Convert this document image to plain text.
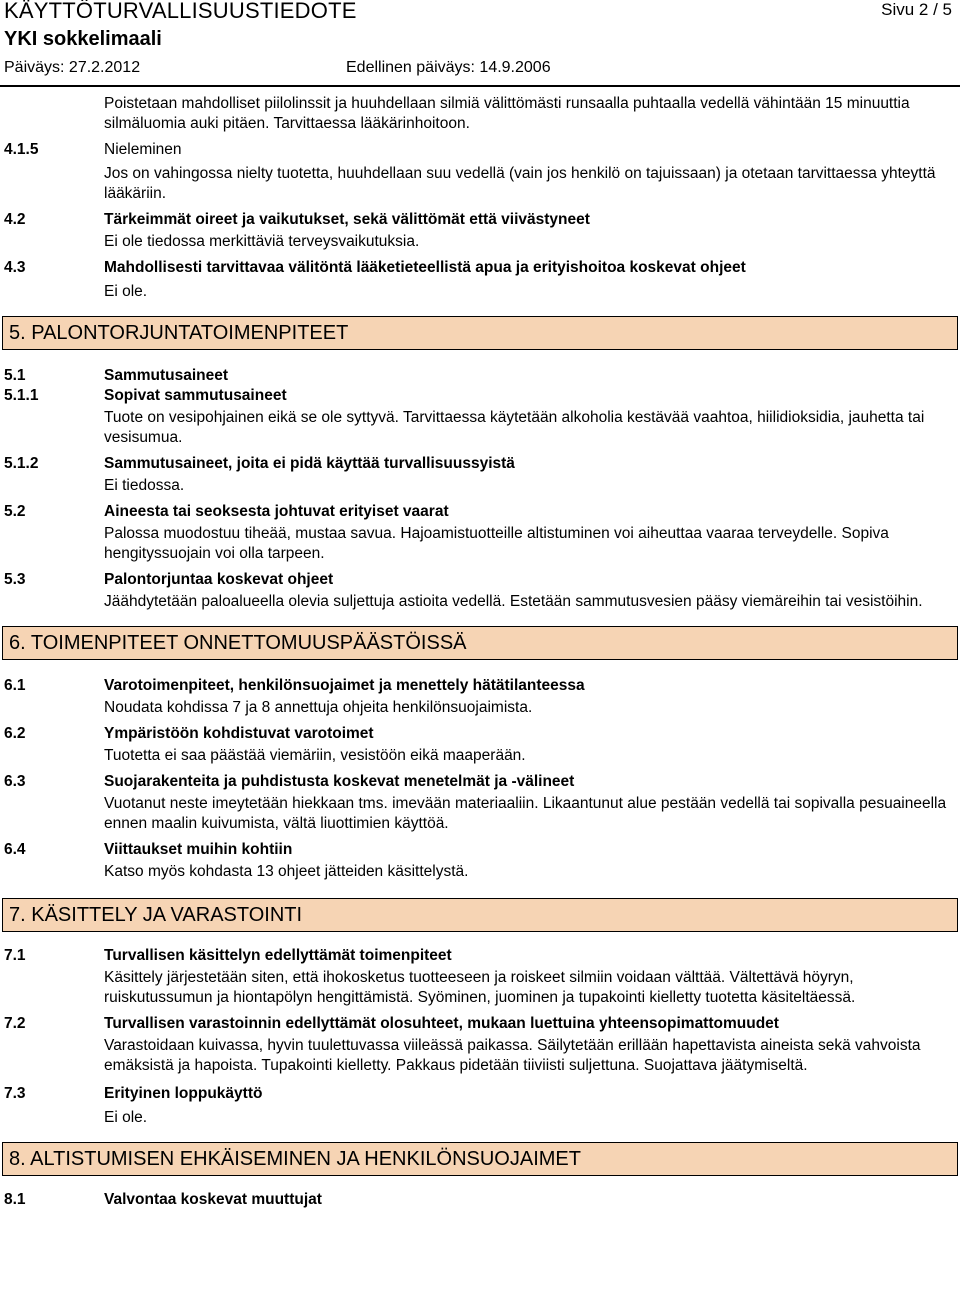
KÄYTTÖTURVALLISUUSTIEDOTE	Sivu 2 / 5
YKI sokkelimaali
Päiväys: 27.2.2012	Edellinen päiväys: 14.9.2006
Poistetaan mahdolliset piilolinssit ja huuhdellaan silmiä välittömästi runsaalla puhtaalla vedellä vähintään 15 minuuttia silmäluomia auki pitäen. Tarvittaessa lääkärinhoitoon.
4.1.5	Nieleminen
Jos on vahingossa nielty tuotetta, huuhdellaan suu vedellä (vain jos henkilö on tajuissaan) ja otetaan tarvittaessa yhteyttä lääkäriin.
4.2	Tärkeimmät oireet ja vaikutukset, sekä välittömät että viivästyneet
Ei ole tiedossa merkittäviä terveysvaikutuksia.
4.3	Mahdollisesti tarvittavaa välitöntä lääketieteellistä apua ja erityishoitoa koskevat ohjeet
Ei ole.
5. PALONTORJUNTATOIMENPITEET
5.1	Sammutusaineet
5.1.1	Sopivat sammutusaineet
Tuote on vesipohjainen eikä se ole syttyvä. Tarvittaessa käytetään alkoholia kestävää vaahtoa, hiilidioksidia, jauhetta tai vesisumua.
5.1.2	Sammutusaineet, joita ei pidä käyttää turvallisuussyistä
Ei tiedossa.
5.2	Aineesta tai seoksesta johtuvat erityiset vaarat
Palossa muodostuu tiheää, mustaa savua. Hajoamistuotteille altistuminen voi aiheuttaa vaaraa terveydelle. Sopiva hengityssuojain voi olla tarpeen.
5.3	Palontorjuntaa koskevat ohjeet
Jäähdytetään paloalueella olevia suljettuja astioita vedellä. Estetään sammutusvesien pääsy viemäreihin tai vesistöihin.
6. TOIMENPITEET ONNETTOMUUSPÄÄSTÖISSÄ
6.1	Varotoimenpiteet, henkilönsuojaimet ja menettely hätätilanteessa
Noudata kohdissa 7 ja 8 annettuja ohjeita henkilönsuojaimista.
6.2	Ympäristöön kohdistuvat varotoimet
Tuotetta ei saa päästää viemäriin, vesistöön eikä maaperään.
6.3	Suojarakenteita ja puhdistusta koskevat menetelmät ja -välineet
Vuotanut neste imeytetään hiekkaan tms. imevään materiaaliin. Likaantunut alue pestään vedellä tai sopivalla pesuaineella ennen maalin kuivumista, vältä liuottimien käyttöä.
6.4	Viittaukset muihin kohtiin
Katso myös kohdasta 13 ohjeet jätteiden käsittelystä.
7. KÄSITTELY JA VARASTOINTI
7.1	Turvallisen käsittelyn edellyttämät toimenpiteet
Käsittely järjestetään siten, että ihokosketus tuotteeseen ja roiskeet silmiin voidaan välttää. Vältettävä höyryn, ruiskutussumun ja hiontapölyn hengittämistä. Syöminen, juominen ja tupakointi kielletty tuotetta käsiteltäessä.
7.2	Turvallisen varastoinnin edellyttämät olosuhteet, mukaan luettuina yhteensopimattomuudet
Varastoidaan kuivassa, hyvin tuulettuvassa viileässä paikassa. Säilytetään erillään hapettavista aineista sekä vahvoista emäksistä ja hapoista. Tupakointi kielletty. Pakkaus pidetään tiiviisti suljettuna. Suojattava jäätymiseltä.
7.3	Erityinen loppukäyttö
Ei ole.
8. ALTISTUMISEN EHKÄISEMINEN JA HENKILÖNSUOJAIMET
8.1	Valvontaa koskevat muuttujat
